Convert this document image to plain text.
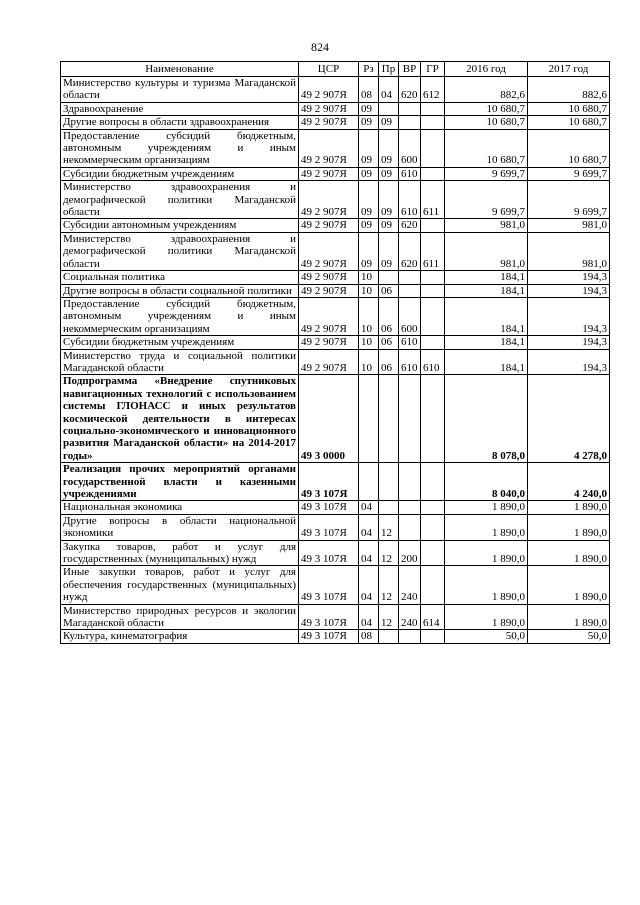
824
Наименование	ЦСР	Рз	Пр	ВР	ГР	2016 год	2017 год
Министерство культуры и туризма Магаданской области	49 2 907Я	08	04	620	612	882,6	882,6
Здравоохранение	49 2 907Я	09				10 680,7	10 680,7
Другие вопросы в области здравоохранения	49 2 907Я	09	09			10 680,7	10 680,7
Предоставление субсидий бюджетным, автономным учреждениям и иным некоммерческим организациям	49 2 907Я	09	09	600		10 680,7	10 680,7
Субсидии бюджетным учреждениям	49 2 907Я	09	09	610		9 699,7	9 699,7
Министерство здравоохранения и демографической политики Магаданской области	49 2 907Я	09	09	610	611	9 699,7	9 699,7
Субсидии автономным учреждениям	49 2 907Я	09	09	620		981,0	981,0
Министерство здравоохранения и демографической политики Магаданской области	49 2 907Я	09	09	620	611	981,0	981,0
Социальная политика	49 2 907Я	10				184,1	194,3
Другие вопросы в области социальной политики	49 2 907Я	10	06			184,1	194,3
Предоставление субсидий бюджетным, автономным учреждениям и иным некоммерческим организациям	49 2 907Я	10	06	600		184,1	194,3
Субсидии бюджетным учреждениям	49 2 907Я	10	06	610		184,1	194,3
Министерство труда и социальной политики Магаданской области	49 2 907Я	10	06	610	610	184,1	194,3
Подпрограмма «Внедрение спутниковых навигационных технологий с использованием системы ГЛОНАСС и иных результатов космической деятельности в интересах социально-экономического и инновационного развития Магаданской области» на 2014-2017 годы»	49 3 0000					8 078,0	4 278,0
Реализация прочих мероприятий органами государственной власти и казенными учреждениями	49 3 107Я					8 040,0	4 240,0
Национальная экономика	49 3 107Я	04				1 890,0	1 890,0
Другие вопросы в области национальной экономики	49 3 107Я	04	12			1 890,0	1 890,0
Закупка товаров, работ и услуг для государственных (муниципальных) нужд	49 3 107Я	04	12	200		1 890,0	1 890,0
Иные закупки товаров, работ и услуг для обеспечения государственных (муниципальных) нужд	49 3 107Я	04	12	240		1 890,0	1 890,0
Министерство природных ресурсов и экологии Магаданской области	49 3 107Я	04	12	240	614	1 890,0	1 890,0
Культура, кинематография	49 3 107Я	08				50,0	50,0
